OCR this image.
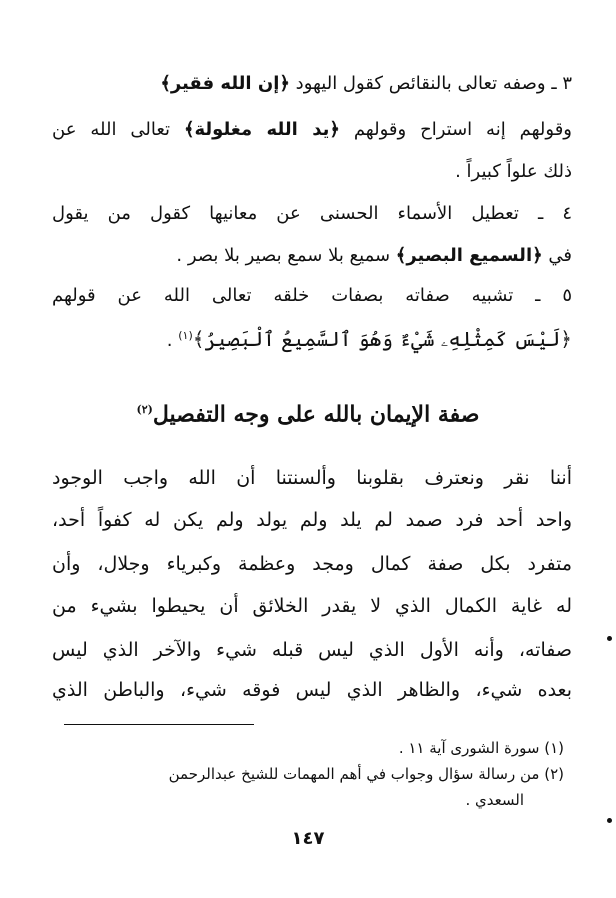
٣ ـ وصفه تعالى بالنقائص كقول اليهود ﴿إن الله فقير﴾
وقولهم إنه استراح وقولهم ﴿يد الله مغلولة﴾ تعالى الله عن
ذلك علواً كبيراً .
٤ ـ تعطيل الأسماء الحسنى عن معانيها كقول من يقول
في ﴿السميع البصير﴾ سميع بلا سمع بصير بلا بصر .
٥ ـ تشبيه صفاته بصفات خلقه تعالى الله عن قولهم
﴿لَيْسَ كَمِثْلِهِۦ شَيْءٌ وَهُوَ ٱلسَّمِيعُ ٱلْبَصِيرُ﴾$^{(١)}$ .
صفة الإيمان بالله على وجه التفصيل$^{(٢)}$
أننا نقر ونعترف بقلوبنا وألسنتنا أن الله واجب الوجود
واحد أحد فرد صمد لم يلد ولم يولد ولم يكن له كفواً أحد،
متفرد بكل صفة كمال ومجد وعظمة وكبرياء وجلال، وأن
له غاية الكمال الذي لا يقدر الخلائق أن يحيطوا بشيء من
صفاته، وأنه الأول الذي ليس قبله شيء والآخر الذي ليس
بعده شيء، والظاهر الذي ليس فوقه شيء، والباطن الذي
(١) سورة الشورى آية ١١ .
(٢) من رسالة سؤال وجواب في أهم المهمات للشيخ عبدالرحمن
السعدي .
١٤٧
